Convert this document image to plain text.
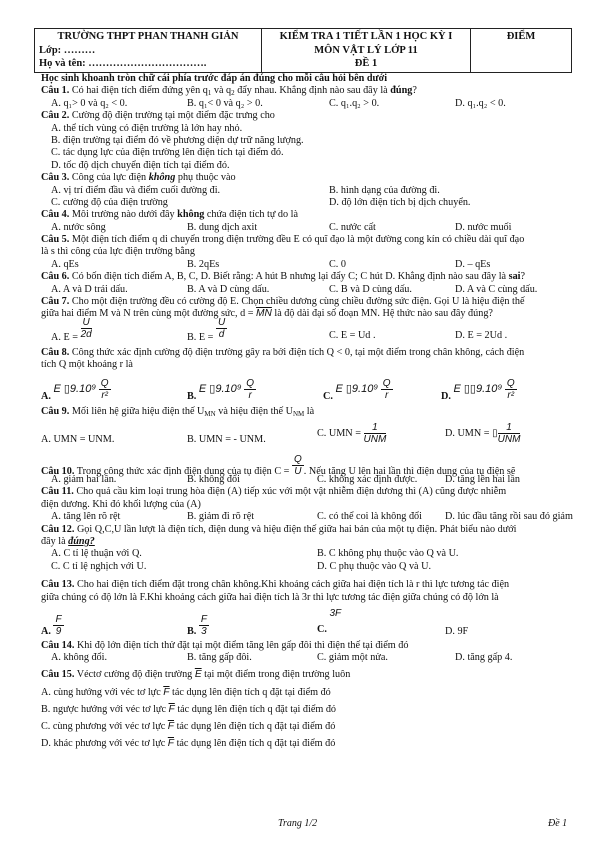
TRƯỜNG THPT PHAN THANH GIẢN
Lớp: ………
Họ và tên: …………………………….

KIỂM TRA 1 TIẾT LẦN 1 HỌC KỲ I
MÔN VẬT LÝ LỚP 11
ĐỀ 1

ĐIỂM
Học sinh khoanh tròn chữ cái phía trước đáp án đúng cho mỗi câu hỏi bên dưới
Câu 1. Có hai điện tích điểm đứng yên $q_1$ và $q_2$ đẩy nhau. Khẳng định nào sau đây là đúng?
A. q₁> 0 và q₂ < 0.	B. q₁< 0 và q₂ > 0.	C. q₁.q₂ > 0.	D. q₁.q₂ < 0.
Câu 2. Cường độ điện trường tại một điểm đặc trưng cho
A. thể tích vùng có điện trường là lớn hay nhỏ.
B. điện trường tại điểm đó về phương diện dự trữ năng lượng.
C. tác dụng lực của điện trường lên điện tích tại điểm đó.
D. tốc độ dịch chuyển điện tích tại điểm đó.
Câu 3. Công của lực điện không phụ thuộc vào
A. vị trí điểm đầu và điểm cuối đường đi.	B. hình dạng của đường đi.
C. cường độ của điện trường	D. độ lớn điện tích bị dịch chuyển.
Câu 4. Môi trường nào dưới đây không chứa điện tích tự do là
A. nước sông	B. dung dịch axit	C. nước cất	D. nước muối
Câu 5. Một điện tích điểm q di chuyển trong điện trường đều E có quĩ đạo là một đường cong kín có chiều dài quĩ đạo
là s thì công của lực điện trường bằng
A. qEs	B. 2qEs	C. 0	D. – qEs
Câu 6. Có bốn điện tích điểm A, B, C, D. Biết rằng: A hút B nhưng lại đẩy C; C hút D. Khẳng định nào sau đây là sai?
A. A và D trái dấu.	B. A và D cùng dấu.	C. B và D cùng dấu.	D. A và C cùng dấu.
Câu 7. Cho một điện trường đều có cường độ E. Chọn chiều dương cùng chiều đường sức điện. Gọi U là hiệu điện thế
giữa hai điểm M và N trên cùng một đường sức, $d = \overline{MN}$ là độ dài đại số đoạn MN. Hệ thức nào sau đây đúng?
A. $E = \frac{U}{2d}$	B. $E = \frac{U}{d}$	C. E = Ud .	D. E = 2Ud .
Câu 8. Công thức xác định cường độ điện trường gây ra bởi điện tích Q < 0, tại một điểm trong chân không, cách điện
tích Q một khoảng r là
A. E ▯9.10⁹ $\frac{Q}{\text{r²}}$	B. E ▯9.10⁹ $\frac{Q}{r}$	C. E ▯9.10⁹ $\frac{Q}{r}$	D. E ▯▯9.10⁹ $\frac{Q}{\text{r²}}$
Câu 9. Mối liên hệ giữa hiệu điện thế $U_{MN}$ và hiệu điện thế $U_{NM}$ là
A. UMN = UNM.	B. UMN = - UNM.
C. UMN = $\frac{1}{\text{UNM}}$	D. UMN = ▯ $\frac{1}{\text{UNM}}$
Câu 10. Trong công thức xác định điện dung của tụ điện $C = \frac{Q}{U}$ . Nếu tăng U lên hai lần thì điện dung của tụ điện sẽ
A. giảm hai lần.	B. không đổi	C. không xác định được.	D. tăng lên hai lần
Câu 11. Cho quả cầu kim loại trung hòa điện (A) tiếp xúc với một vật nhiễm điện dương thì (A) cũng được nhiễm
điện dương. Khi đó khối lượng của (A)
A. tăng lên rõ rệt	B. giảm đi rõ rệt	C. có thể coi là không đổi D. lúc đầu tăng rồi sau đó giảm
Câu 12. Gọi Q,C,U lần lượt là điện tích, điện dung và hiệu điện thế giữa hai bản của một tụ điện. Phát biểu nào dưới
đây là đúng?
A. C tỉ lệ thuận với Q.	B. C không phụ thuộc vào Q và U.
C. C tỉ lệ nghịch với U.	D. C phụ thuộc vào Q và U.
Câu 13. Cho hai điện tích điểm đặt trong chân không.Khi khoảng cách giữa hai điện tích là r thì lực tương tác điện
giữa chúng có độ lớn là F.Khi khoảng cách giữa hai điện tích là 3r thì lực tương tác điện giữa chúng có độ lớn là
A. $\frac{F}{9}$	B. $\frac{F}{3}$	C. 3F
D. 9F
Câu 14. Khi độ lớn điện tích thử đặt tại một điểm tăng lên gấp đôi thì điện thế tại điểm đó
A. không đổi.	B. tăng gấp đôi.	C. giảm một nửa.	D. tăng gấp 4.
Câu 15. Véctơ cường độ điện trường $\overline{E}$ tại một điểm trong điện trường luôn
A. cùng hướng với véc tơ lực $\overline{F}$ tác dụng lên điện tích q đặt tại điểm đó
B. ngược hướng với véc tơ lực $\overline{F}$ tác dụng lên điện tích q đặt tại điểm đó
C. cùng phương với véc tơ lực $\overline{F}$ tác dụng lên điện tích q đặt tại điểm đó
D. khác phương với véc tơ lực $\overline{F}$ tác dụng lên điện tích q đặt tại điểm đó
Trang 1/2	Đề 1
